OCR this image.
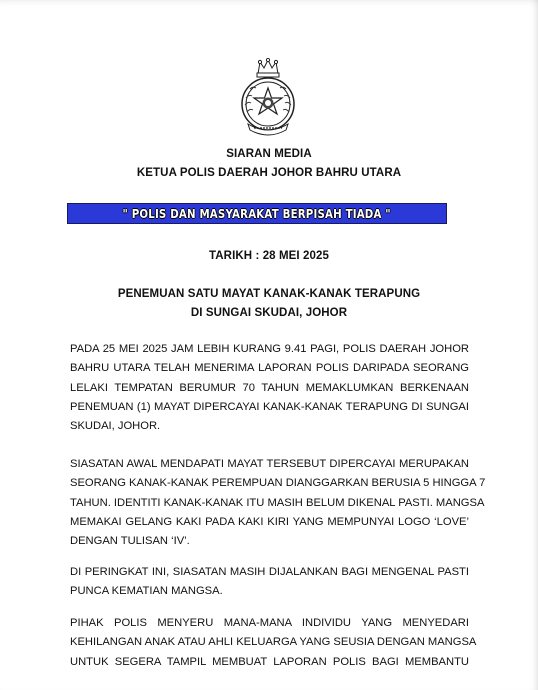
SIARAN MEDIA
KETUA POLIS DAERAH JOHOR BAHRU UTARA
" POLIS DAN MASYARAKAT BERPISAH TIADA "
TARIKH : 28 MEI 2025
PENEMUAN SATU MAYAT KANAK-KANAK TERAPUNG
DI SUNGAI SKUDAI, JOHOR
PADA 25 MEI 2025 JAM LEBIH KURANG 9.41 PAGI, POLIS DAERAH JOHOR
BAHRU UTARA TELAH MENERIMA LAPORAN POLIS DARIPADA SEORANG
LELAKI TEMPATAN BERUMUR 70 TAHUN MEMAKLUMKAN BERKENAAN
PENEMUAN (1) MAYAT DIPERCAYAI KANAK-KANAK TERAPUNG DI SUNGAI
SKUDAI, JOHOR.
SIASATAN AWAL MENDAPATI MAYAT TERSEBUT DIPERCAYAI MERUPAKAN
SEORANG KANAK-KANAK PEREMPUAN DIANGGARKAN BERUSIA 5 HINGGA 7
TAHUN. IDENTITI KANAK-KANAK ITU MASIH BELUM DIKENAL PASTI. MANGSA
MEMAKAI GELANG KAKI PADA KAKI KIRI YANG MEMPUNYAI LOGO ‘LOVE’
DENGAN TULISAN ‘IV’.
DI PERINGKAT INI, SIASATAN MASIH DIJALANKAN BAGI MENGENAL PASTI
PUNCA KEMATIAN MANGSA.
PIHAK POLIS MENYERU MANA-MANA INDIVIDU YANG MENYEDARI
KEHILANGAN ANAK ATAU AHLI KELUARGA YANG SEUSIA DENGAN MANGSA
UNTUK SEGERA TAMPIL MEMBUAT LAPORAN POLIS BAGI MEMBANTU
